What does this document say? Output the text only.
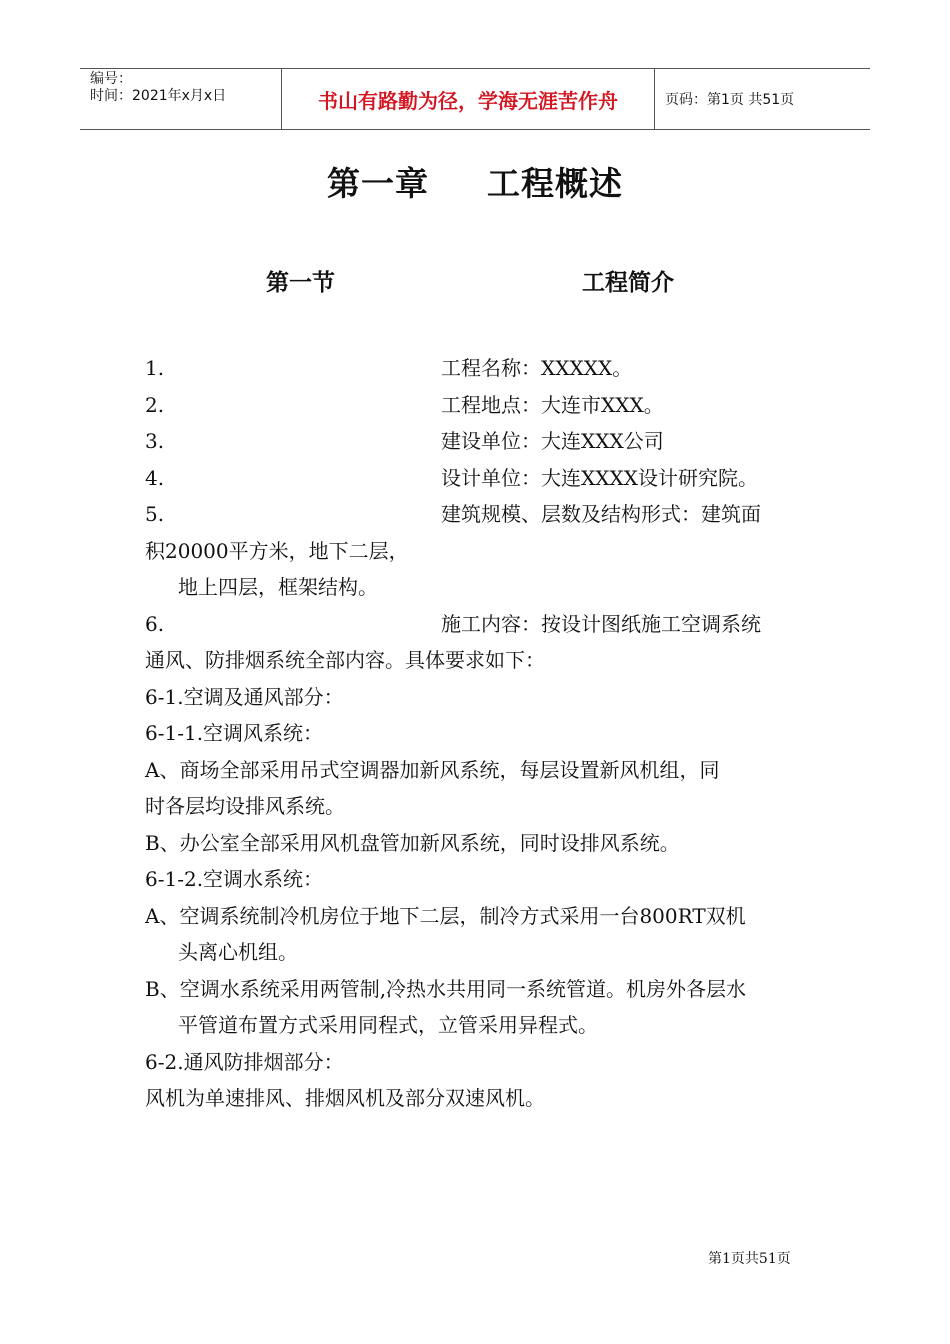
编号：
时间：2021年x月x日	书山有路勤为径，学海无涯苦作舟	页码：第1页 共51页
第一章 工程概述
第一节	工程简介
1.	工程名称：XXXXX。
2.	工程地点：大连市XXX。
3.	建设单位：大连XXX公司
4.	设计单位：大连XXXX设计研究院。
5.	建筑规模、层数及结构形式：建筑面
积20000平方米，地下二层，
地上四层，框架结构。
6.	施工内容：按设计图纸施工空调系统
通风、防排烟系统全部内容。具体要求如下：
6-1.空调及通风部分：
6-1-1.空调风系统：
A、商场全部采用吊式空调器加新风系统，每层设置新风机组，同
时各层均设排风系统。
B、办公室全部采用风机盘管加新风系统，同时设排风系统。
6-1-2.空调水系统：
A、空调系统制冷机房位于地下二层，制冷方式采用一台800RT双机
头离心机组。
B、空调水系统采用两管制,冷热水共用同一系统管道。机房外各层水
平管道布置方式采用同程式，立管采用异程式。
6-2.通风防排烟部分：
风机为单速排风、排烟风机及部分双速风机。
第1页共51页
